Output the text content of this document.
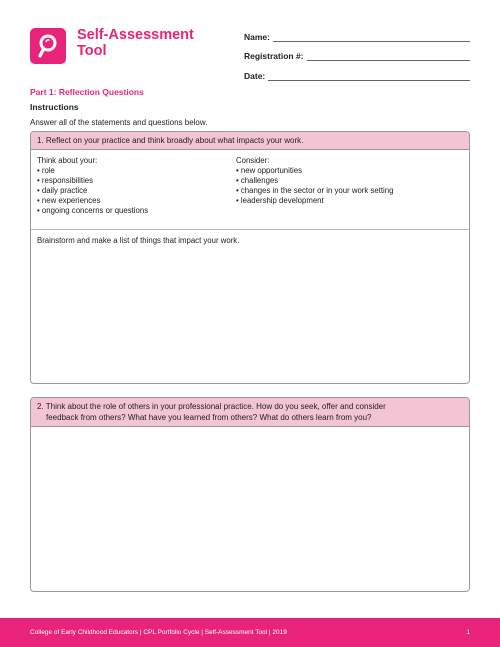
Self-Assessment Tool
Name:
Registration #:
Date:
Part 1: Reflection Questions
Instructions
Answer all of the statements and questions below.
1. Reflect on your practice and think broadly about what impacts your work.
Think about your:
• role
• responsibilities
• daily practice
• new experiences
• ongoing concerns or questions
Consider:
• new opportunities
• challenges
• changes in the sector or in your work setting
• leadership development
Brainstorm and make a list of things that impact your work.
2. Think about the role of others in your professional practice. How do you seek, offer and consider
feedback from others? What have you learned from others? What do others learn from you?
College of Early Childhood Educators | CPL Portfolio Cycle | Self-Assessment Tool | 2019	1
